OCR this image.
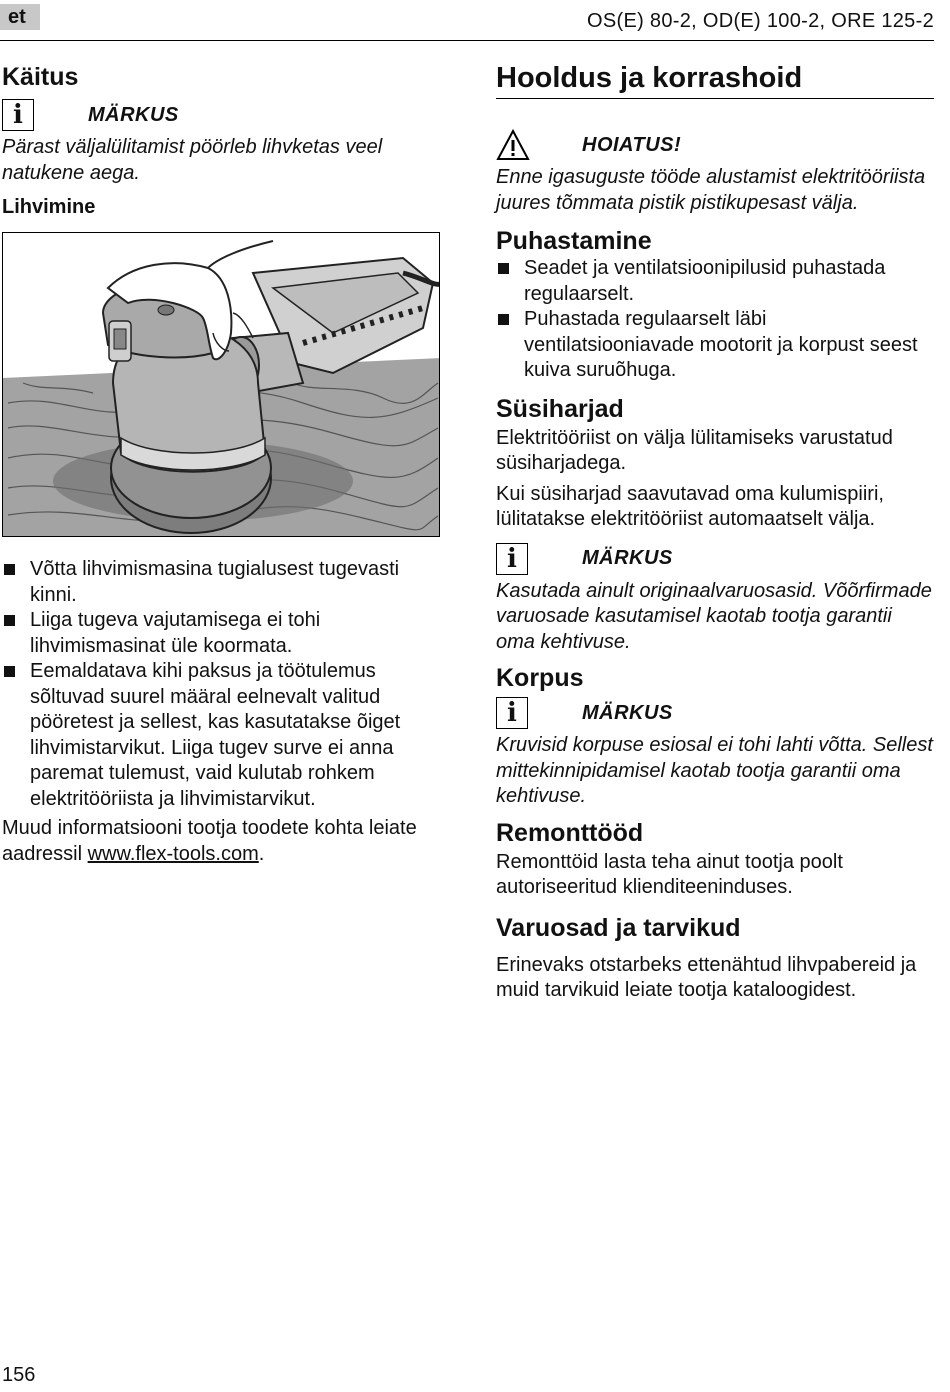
et	OS(E) 80-2, OD(E) 100-2, ORE 125-2
Käitus
i	MÄRKUS

Pärast väljalülitamist pöörleb lihvketas veel natukene aega.

Lihvimine
Võtta lihvimismasina tugialusest tugevasti kinni.
Liiga tugeva vajutamisega ei tohi lihvimismasinat üle koormata.
Eemaldatava kihi paksus ja töötulemus sõltuvad suurel määral eelnevalt valitud pööretest ja sellest, kas kasutatakse õiget lihvimistarvikut. Liiga tugev surve ei anna paremat tulemust, vaid kulutab rohkem elektritööriista ja lihvimistarvikut.

Muud informatsiooni tootja toodete kohta leiate aadressil www.flex-tools.com.

Hooldus ja korrashoid
HOIATUS!

Enne igasuguste tööde alustamist elektritööriista juures tõmmata pistik pistikupesast välja.

Puhastamine
Seadet ja ventilatsioonipilusid puhastada regulaarselt.
Puhastada regulaarselt läbi ventilatsiooniavade mootorit ja korpust seest kuiva suruõhuga.
Süsiharjad

Elektritööriist on välja lülitamiseks varustatud süsiharjadega.

Kui süsiharjad saavutavad oma kulumispiiri, lülitatakse elektritööriist automaatselt välja.

i	MÄRKUS

Kasutada ainult originaalvaruosasid. Võõrfirmade varuosade kasutamisel kaotab tootja garantii oma kehtivuse.

Korpus
i	MÄRKUS

Kruvisid korpuse esiosal ei tohi lahti võtta. Sellest mittekinnipidamisel kaotab tootja garantii oma kehtivuse.

Remonttööd

Remonttöid lasta teha ainut tootja poolt autoriseeritud klienditeeninduses.

Varuosad ja tarvikud

Erinevaks otstarbeks ettenähtud lihvpabereid ja muid tarvikuid leiate tootja kataloogidest.

156
